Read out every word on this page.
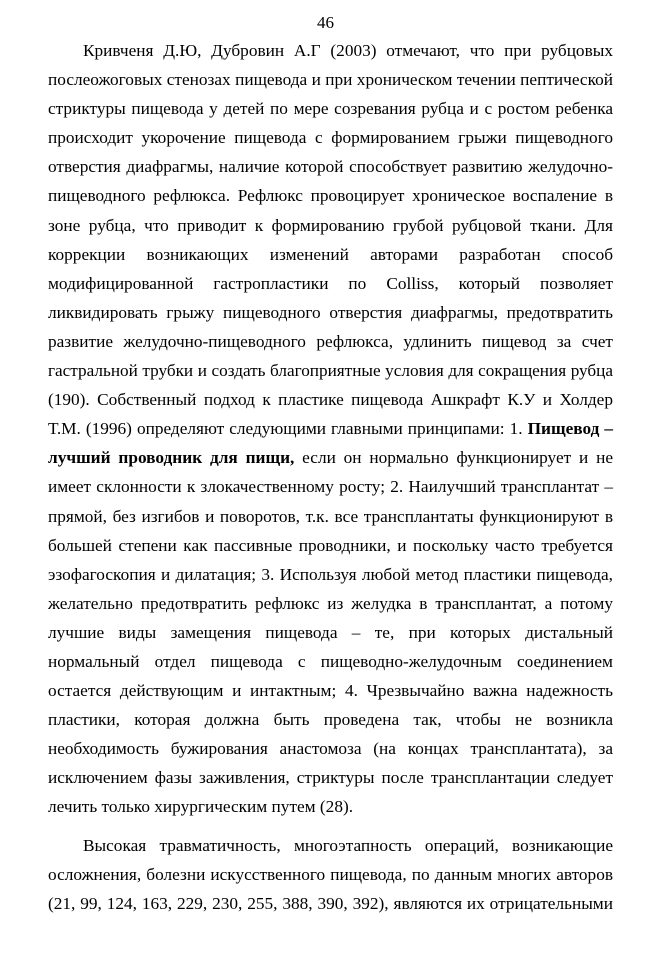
46
Кривченя Д.Ю, Дубровин А.Г (2003) отмечают, что при рубцовых
послеожоговых стенозах пищевода и при хроническом течении пептической
стриктуры пищевода у детей по мере созревания рубца и с ростом ребенка
происходит укорочение пищевода с формированием грыжи пищеводного
отверстия диафрагмы, наличие которой способствует развитию желудочно-
пищеводного рефлюкса. Рефлюкс провоцирует хроническое воспаление в
зоне рубца, что приводит к формированию грубой рубцовой ткани. Для
коррекции возникающих изменений авторами разработан способ
модифицированной гастропластики по Colliss, который позволяет
ликвидировать грыжу пищеводного отверстия диафрагмы, предотвратить
развитие желудочно-пищеводного рефлюкса, удлинить пищевод за счет
гастральной трубки и создать благоприятные условия для сокращения рубца
(190). Собственный подход к пластике пищевода Ашкрафт К.У и Холдер
Т.М. (1996) определяют следующими главными принципами: 1. Пищевод –
лучший проводник для пищи, если он нормально функционирует и не
имеет склонности к злокачественному росту; 2. Наилучший трансплантат –
прямой, без изгибов и поворотов, т.к. все трансплантаты функционируют в
большей степени как пассивные проводники, и поскольку часто требуется
эзофагоскопия и дилатация; 3. Используя любой метод пластики пищевода,
желательно предотвратить рефлюкс из желудка в трансплантат, а потому
лучшие виды замещения пищевода – те, при которых дистальный
нормальный отдел пищевода с пищеводно-желудочным соединением
остается действующим и интактным; 4. Чрезвычайно важна надежность
пластики, которая должна быть проведена так, чтобы не возникла
необходимость бужирования анастомоза (на концах трансплантата), за
исключением фазы заживления, стриктуры после трансплантации следует
лечить только хирургическим путем (28).
Высокая травматичность, многоэтапность операций, возникающие
осложнения, болезни искусственного пищевода, по данным многих авторов
(21, 99, 124, 163, 229, 230, 255, 388, 390, 392), являются их отрицательными
